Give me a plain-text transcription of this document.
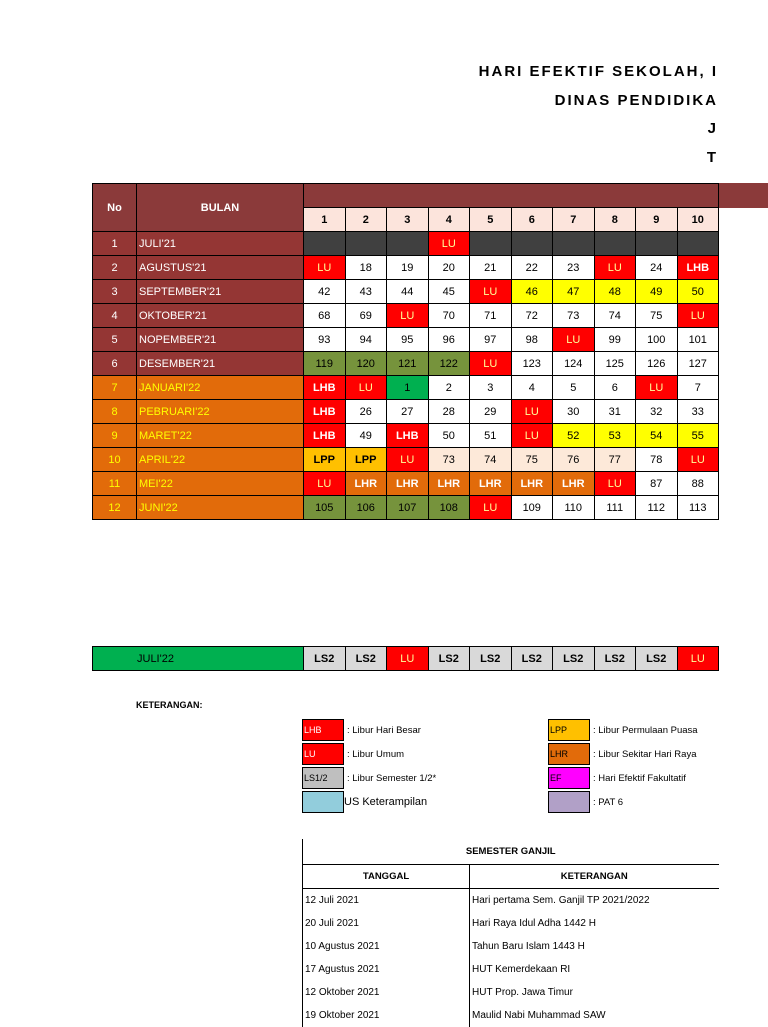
HARI EFEKTIF SEKOLAH, I
DINAS PENDIDIKA
J
T
No	BULAN										
		1	2	3	4	5	6	7	8	9	10
1	JULI'21				LU						
2	AGUSTUS'21	LU	18	19	20	21	22	23	LU	24	LHB
3	SEPTEMBER'21	42	43	44	45	LU	46	47	48	49	50
4	OKTOBER'21	68	69	LU	70	71	72	73	74	75	LU
5	NOPEMBER'21	93	94	95	96	97	98	LU	99	100	101
6	DESEMBER'21	119	120	121	122	LU	123	124	125	126	127
7	JANUARI'22	LHB	LU	1	2	3	4	5	6	LU	7
8	PEBRUARI'22	LHB	26	27	28	29	LU	30	31	32	33
9	MARET'22	LHB	49	LHB	50	51	LU	52	53	54	55
10	APRIL'22	LPP	LPP	LU	73	74	75	76	77	78	LU
11	MEI'22	LU	LHR	LHR	LHR	LHR	LHR	LHR	LU	87	88
12	JUNI'22	105	106	107	108	LU	109	110	111	112	113
JULI'22	LS2	LS2	LU	LS2	LS2	LS2	LS2	LS2	LS2	LU
KETERANGAN:
LHB	: Libur Hari Besar
LU	: Libur Umum
LS1/2	: Libur Semester 1/2*
US Keterampilan
LPP	: Libur Permulaan Puasa
LHR	: Libur Sekitar Hari Raya
EF	: Hari Efektif Fakultatif
: PAT 6
SEMESTER GANJIL	
TANGGAL	KETERANGAN
12 Juli 2021	Hari pertama Sem. Ganjil TP 2021/2022
20 Juli 2021	Hari Raya Idul Adha 1442 H
10 Agustus 2021	Tahun Baru Islam 1443 H
17 Agustus 2021	HUT Kemerdekaan RI
12 Oktober 2021	HUT Prop. Jawa Timur
19 Oktober 2021	Maulid Nabi Muhammad SAW
